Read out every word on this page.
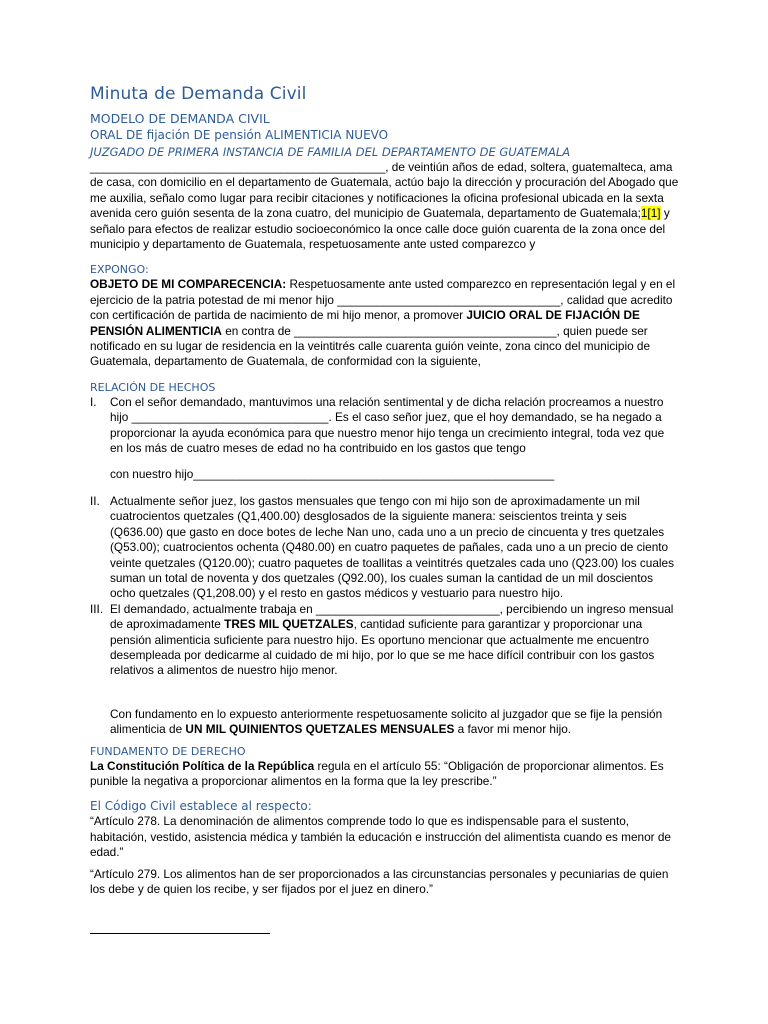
Minuta de Demanda Civil
MODELO DE DEMANDA CIVIL
ORAL DE fijación DE pensión ALIMENTICIA NUEVO
JUZGADO DE PRIMERA INSTANCIA DE FAMILIA DEL DEPARTAMENTO DE GUATEMALA

_____________________________________________, de veintiún años de edad, soltera, guatemalteca, ama de casa, con domicilio en el departamento de Guatemala, actúo bajo la dirección y procuración del Abogado que me auxilia, señalo como lugar para recibir citaciones y notificaciones la oficina profesional ubicada en la sexta avenida cero guión sesenta de la zona cuatro, del municipio de Guatemala, departamento de Guatemala;1[1] y señalo para efectos de realizar estudio socioeconómico la once calle doce guión cuarenta de la zona once del municipio y departamento de Guatemala, respetuosamente ante usted comparezco y

EXPONGO:

OBJETO DE MI COMPARECENCIA: Respetuosamente ante usted comparezco en representación legal y en el ejercicio de la patria potestad de mi menor hijo __________________________________, calidad que acredito con certificación de partida de nacimiento de mi hijo menor, a promover JUICIO ORAL DE FIJACIÓN DE PENSIÓN ALIMENTICIA en contra de ________________________________________, quien puede ser notificado en su lugar de residencia en la veintitrés calle cuarenta guión veinte, zona cinco del municipio de Guatemala, departamento de Guatemala, de conformidad con la siguiente,

RELACIÓN DE HECHOS
I. Con el señor demandado, mantuvimos una relación sentimental y de dicha relación procreamos a nuestro hijo ______________________________. Es el caso señor juez, que el hoy demandado, se ha negado a proporcionar la ayuda económica para que nuestro menor hijo tenga un crecimiento integral, toda vez que en los más de cuatro meses de edad no ha contribuido en los gastos que tengo
con nuestro hijo_______________________________________________________
II. Actualmente señor juez, los gastos mensuales que tengo con mi hijo son de aproximadamente un mil cuatrocientos quetzales (Q1,400.00) desglosados de la siguiente manera: seiscientos treinta y seis (Q636.00) que gasto en doce botes de leche Nan uno, cada uno a un precio de cincuenta y tres quetzales (Q53.00); cuatrocientos ochenta (Q480.00) en cuatro paquetes de pañales, cada uno a un precio de ciento veinte quetzales (Q120.00); cuatro paquetes de toallitas a veintitrés quetzales cada uno (Q23.00) los cuales suman un total de noventa y dos quetzales (Q92.00), los cuales suman la cantidad de un mil doscientos ocho quetzales (Q1,208.00) y el resto en gastos médicos y vestuario para nuestro hijo.
III. El demandado, actualmente trabaja en ____________________________, percibiendo un ingreso mensual de aproximadamente TRES MIL QUETZALES, cantidad suficiente para garantizar y proporcionar una pensión alimenticia suficiente para nuestro hijo. Es oportuno mencionar que actualmente me encuentro desempleada por dedicarme al cuidado de mi hijo, por lo que se me hace difícil contribuir con los gastos relativos a alimentos de nuestro hijo menor.

Con fundamento en lo expuesto anteriormente respetuosamente solicito al juzgador que se fije la pensión alimenticia de UN MIL QUINIENTOS QUETZALES MENSUALES a favor mi menor hijo.

FUNDAMENTO DE DERECHO

La Constitución Política de la República regula en el artículo 55: “Obligación de proporcionar alimentos. Es punible la negativa a proporcionar alimentos en la forma que la ley prescribe.”

El Código Civil establece al respecto:

“Artículo 278. La denominación de alimentos comprende todo lo que es indispensable para el sustento, habitación, vestido, asistencia médica y también la educación e instrucción del alimentista cuando es menor de edad.”

“Artículo 279. Los alimentos han de ser proporcionados a las circunstancias personales y pecuniarias de quien los debe y de quien los recibe, y ser fijados por el juez en dinero.”
